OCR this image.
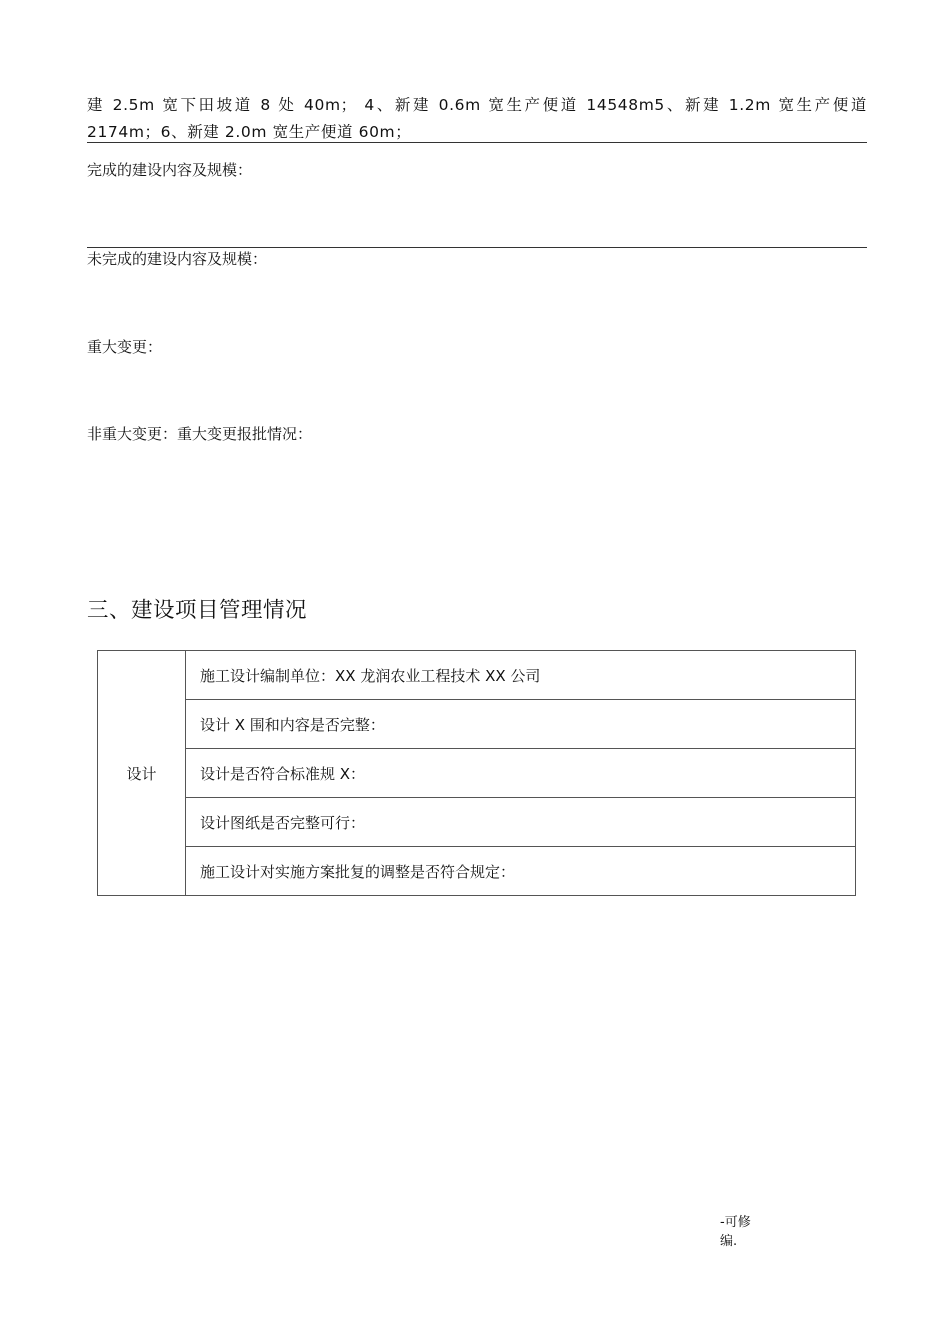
建 2.5m 宽下田坡道 8 处 40m； 4、新建 0.6m 宽生产便道 14548m5、新建 1.2m 宽生产便道 2174m；6、新建 2.0m 宽生产便道 60m；
完成的建设内容及规模：
未完成的建设内容及规模：
重大变更：
非重大变更：重大变更报批情况：
三、建设项目管理情况
设计	施工设计编制单位：XX 龙润农业工程技术 XX 公司
设计 X 围和内容是否完整：
设计是否符合标准规 X：
设计图纸是否完整可行：
施工设计对实施方案批复的调整是否符合规定：
-可修编.
